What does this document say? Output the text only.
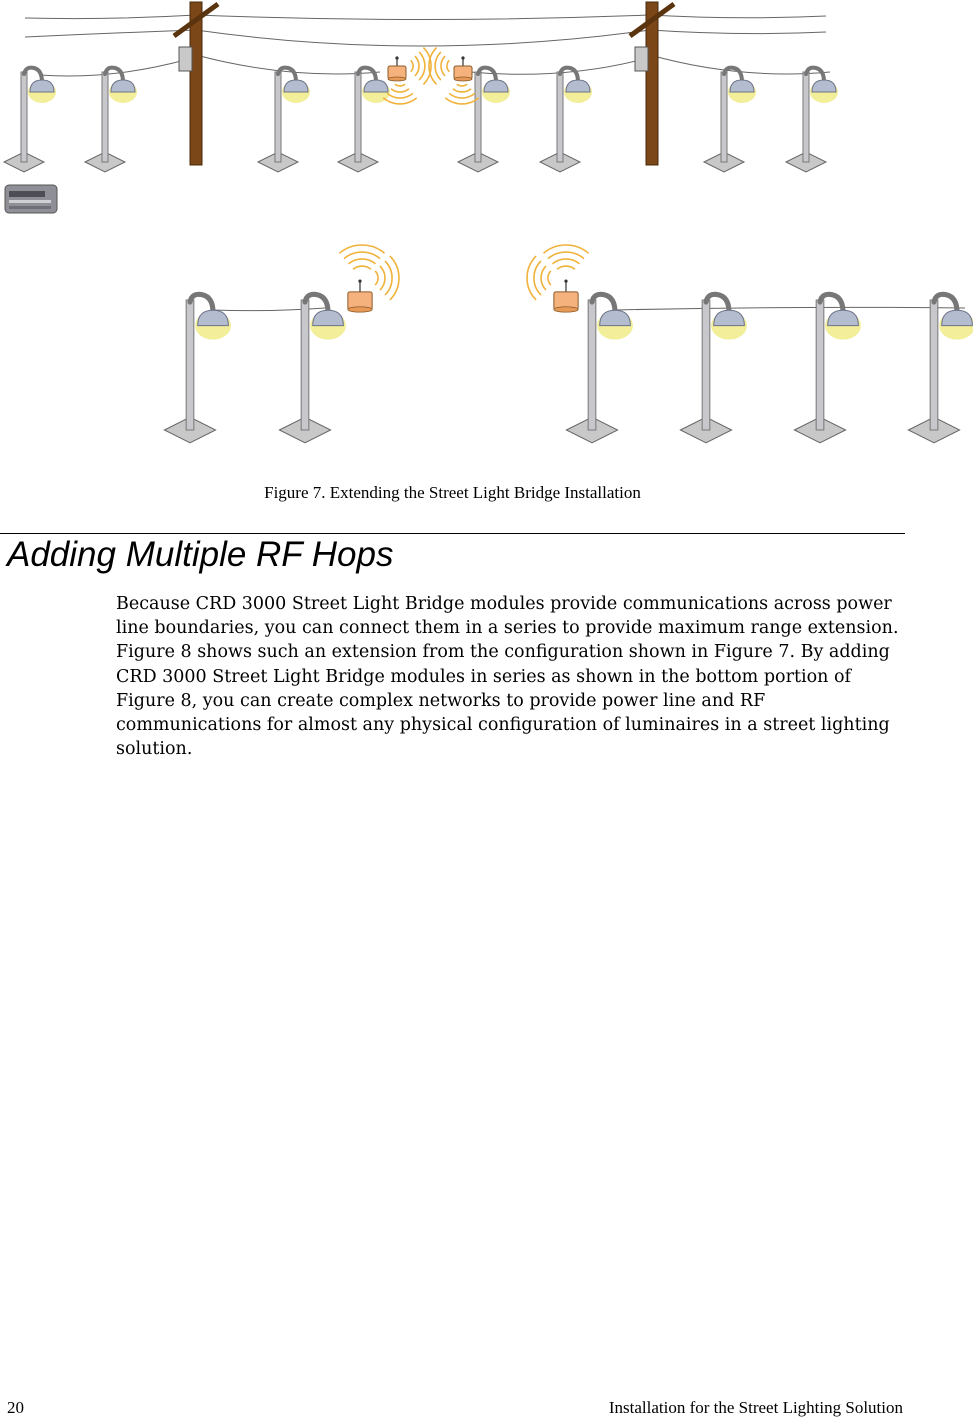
Figure 7. Extending the Street Light Bridge Installation
Adding Multiple RF Hops

Because CRD 3000 Street Light Bridge modules provide communications across power line boundaries, you can connect them in a series to provide maximum range extension. Figure 8 shows such an extension from the configuration shown in Figure 7. By adding CRD 3000 Street Light Bridge modules in series as shown in the bottom portion of Figure 8, you can create complex networks to provide power line and RF communications for almost any physical configuration of luminaires in a street lighting solution.

20	Installation for the Street Lighting Solution
